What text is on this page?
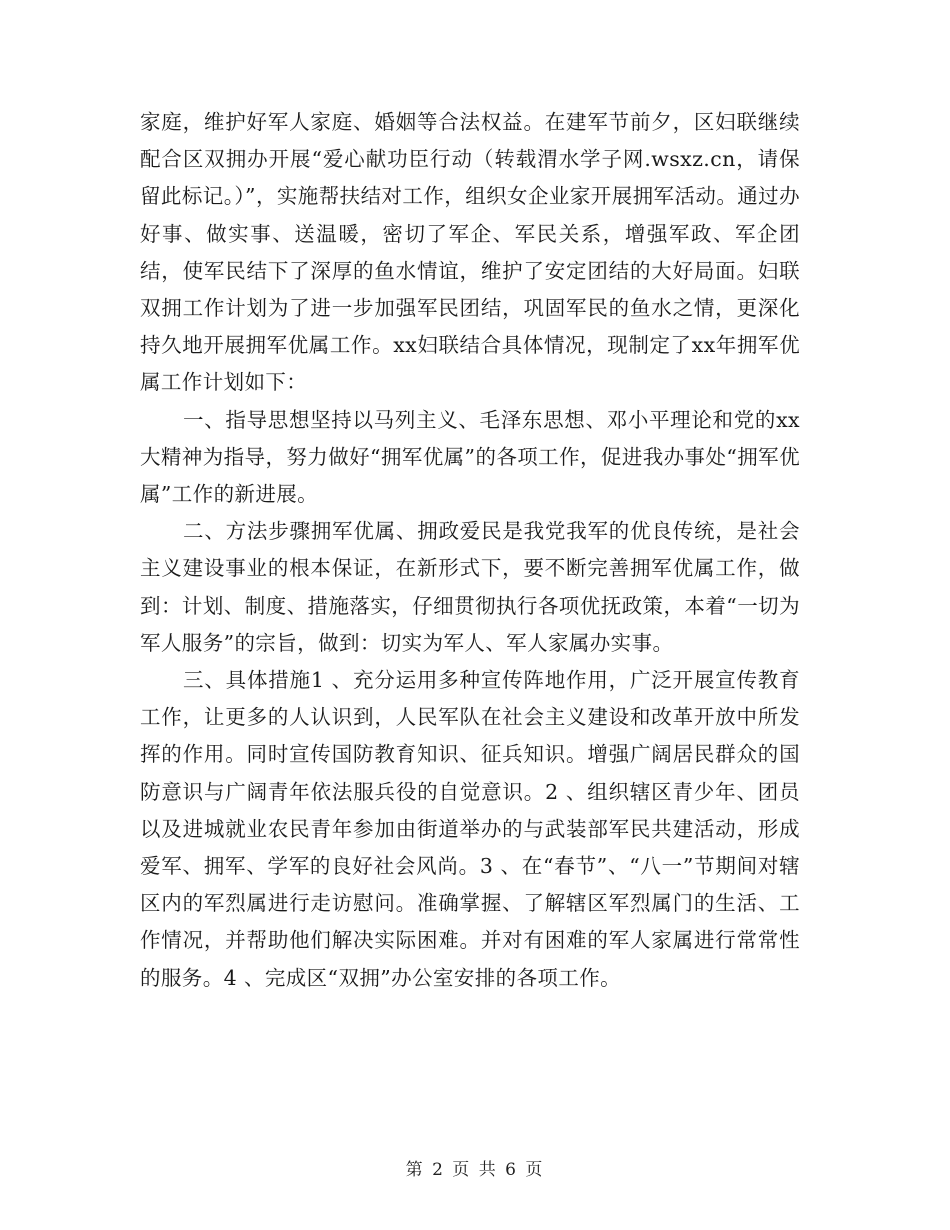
家庭，维护好军人家庭、婚姻等合法权益。在建军节前夕，区妇联继续配合区双拥办开展“爱心献功臣行动（转载渭水学子网.wsxz.cn，请保留此标记。）”，实施帮扶结对工作，组织女企业家开展拥军活动。通过办好事、做实事、送温暖，密切了军企、军民关系，增强军政、军企团结，使军民结下了深厚的鱼水情谊，维护了安定团结的大好局面。妇联双拥工作计划为了进一步加强军民团结，巩固军民的鱼水之情，更深化持久地开展拥军优属工作。xx妇联结合具体情况，现制定了xx年拥军优属工作计划如下：

一、指导思想坚持以马列主义、毛泽东思想、邓小平理论和党的xx大精神为指导，努力做好“拥军优属”的各项工作，促进我办事处“拥军优属”工作的新进展。

二、方法步骤拥军优属、拥政爱民是我党我军的优良传统，是社会主义建设事业的根本保证，在新形式下，要不断完善拥军优属工作，做到：计划、制度、措施落实，仔细贯彻执行各项优抚政策，本着“一切为军人服务”的宗旨，做到：切实为军人、军人家属办实事。

三、具体措施1 、充分运用多种宣传阵地作用，广泛开展宣传教育工作，让更多的人认识到，人民军队在社会主义建设和改革开放中所发挥的作用。同时宣传国防教育知识、征兵知识。增强广阔居民群众的国防意识与广阔青年依法服兵役的自觉意识。2 、组织辖区青少年、团员以及进城就业农民青年参加由街道举办的与武装部军民共建活动，形成爱军、拥军、学军的良好社会风尚。3 、在“春节”、“八一”节期间对辖区内的军烈属进行走访慰问。准确掌握、了解辖区军烈属门的生活、工作情况，并帮助他们解决实际困难。并对有困难的军人家属进行常常性的服务。4 、完成区“双拥”办公室安排的各项工作。

第 2 页 共 6 页
